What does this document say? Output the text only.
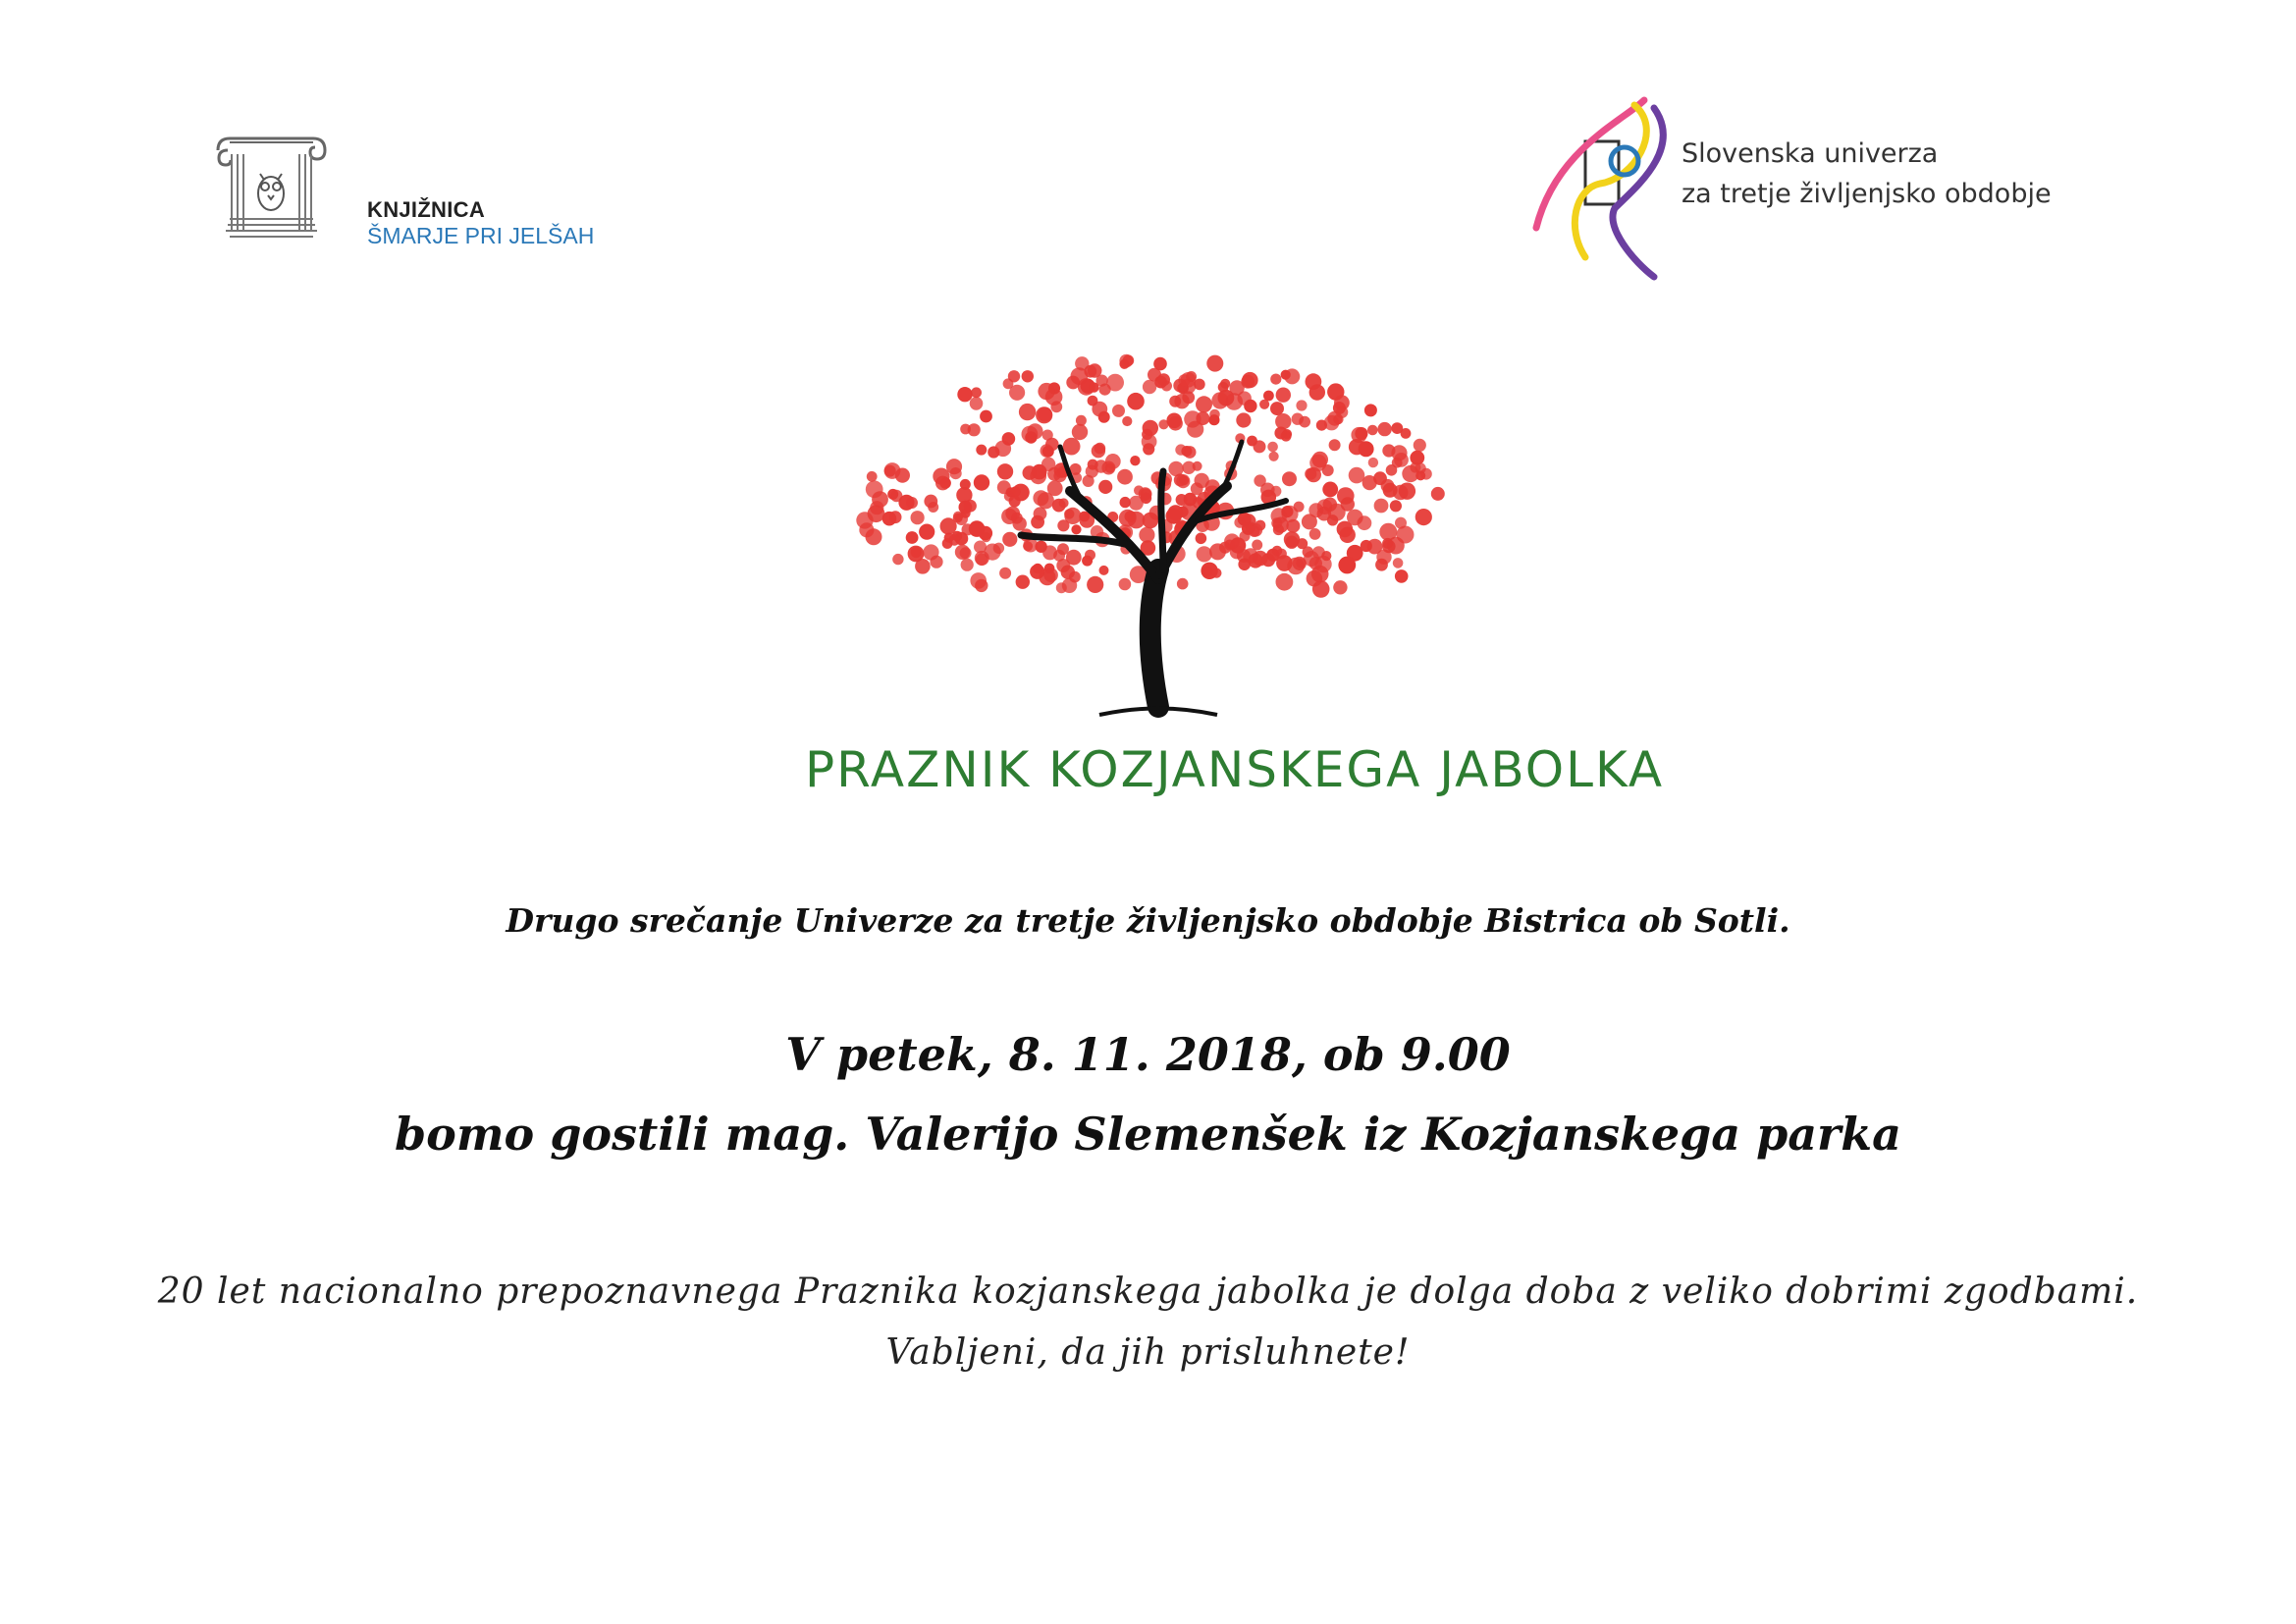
KNJIŽNICA
ŠMARJE PRI JELŠAH
Slovenska univerza
za tretje življenjsko obdobje
PRAZNIK KOZJANSKEGA JABOLKA
Drugo srečanje Univerze za tretje življenjsko obdobje Bistrica ob Sotli.
V petek, 8. 11. 2018, ob 9.00
bomo gostili mag. Valerijo Slemenšek iz Kozjanskega parka
20 let nacionalno prepoznavnega Praznika kozjanskega jabolka je dolga doba z veliko dobrimi zgodbami.
Vabljeni, da jih prisluhnete!
